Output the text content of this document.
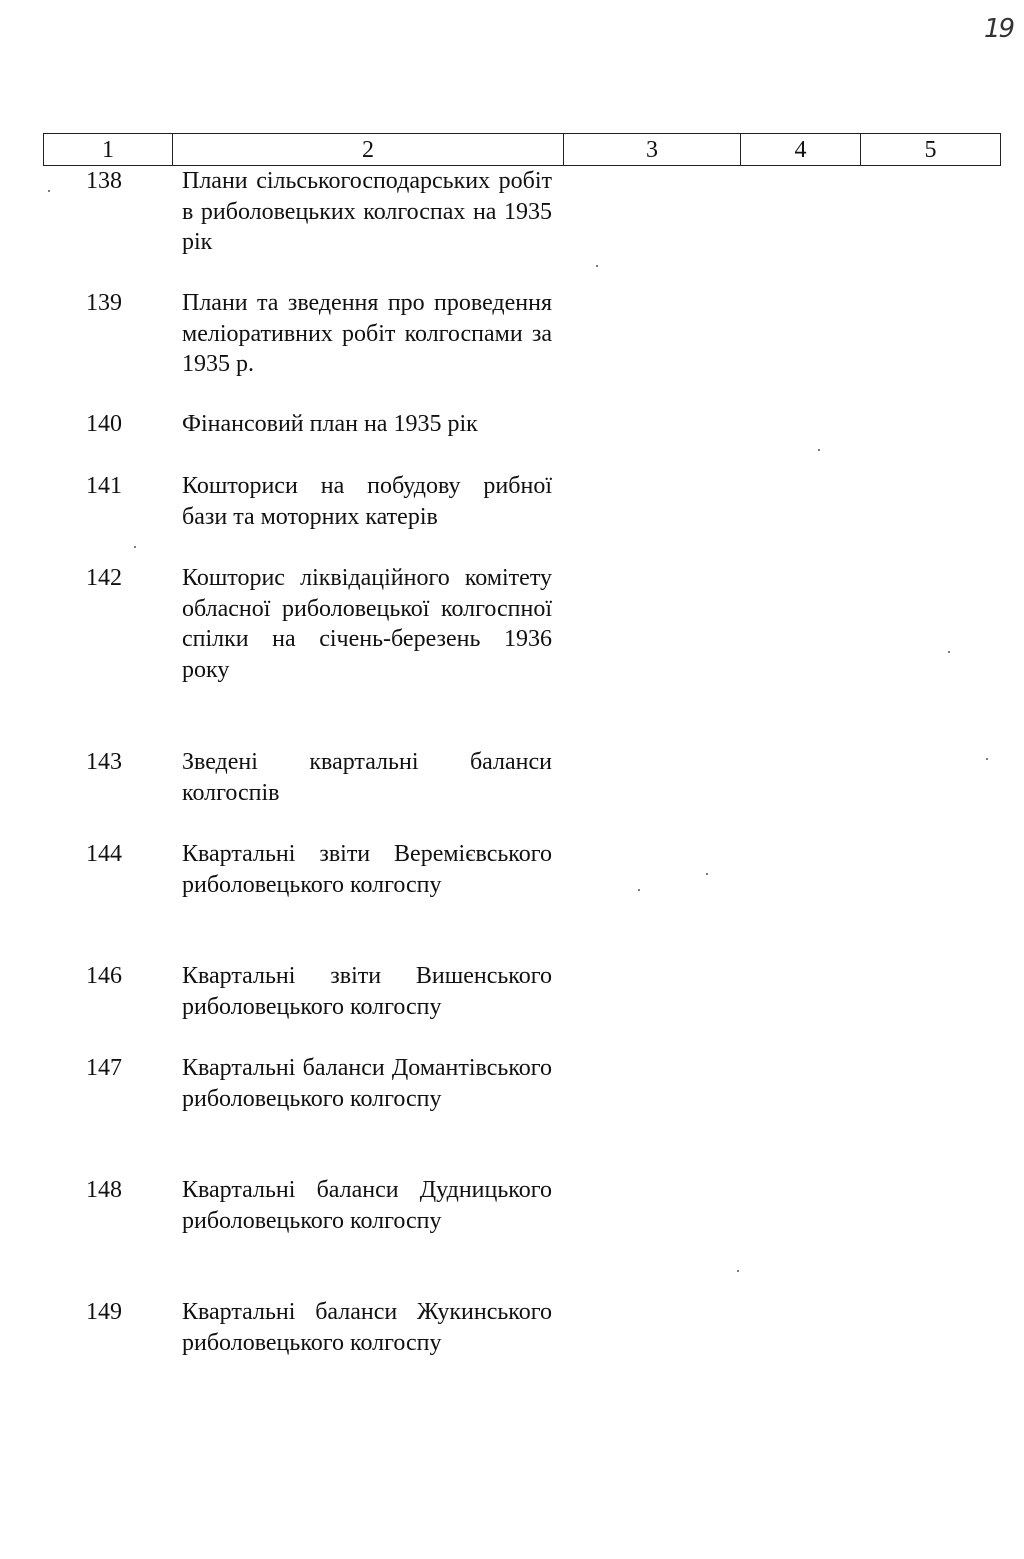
19
1	2	3	4	5
138	Плани сільськогосподарських робіт в риболовецьких колгоспах на 1935 рік
139	Плани та зведення про проведення меліоративних робіт колгоспами за 1935 р.
140	Фінансовий план на 1935 рік
141	Кошториси на побудову рибної бази та моторних катерів
142	Кошторис ліквідаційного комітету обласної риболовецької колгоспної спілки на січень-березень 1936 року
143	Зведені квартальні баланси колгоспів
144	Квартальні звіти Веремієвського риболовецького колгоспу
146	Квартальні звіти Вишенського риболовецького колгоспу
147	Квартальні баланси Домантівського риболовецького колгоспу
148	Квартальні баланси Дудницького риболовецького колгоспу
149	Квартальні баланси Жукинського риболовецького колгоспу
